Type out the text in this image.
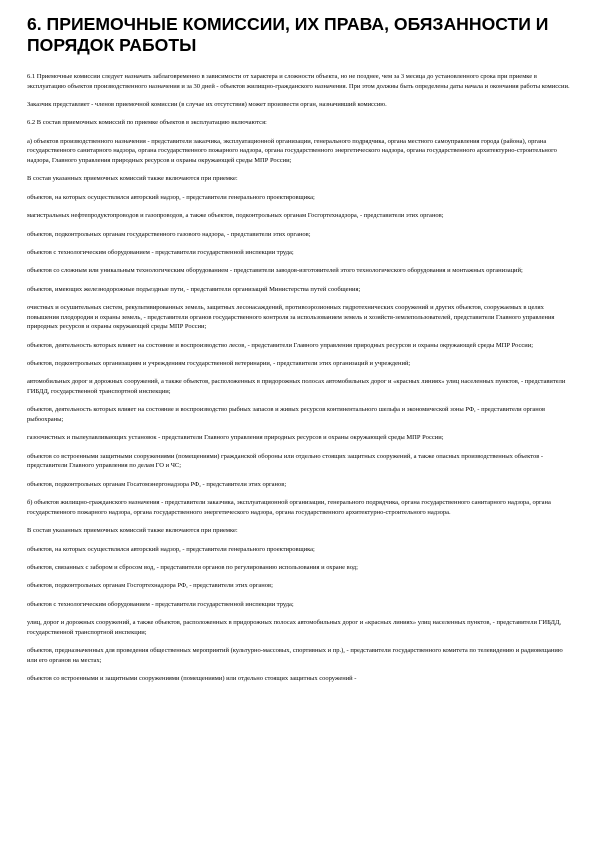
6. ПРИЕМОЧНЫЕ КОМИССИИ, ИХ ПРАВА, ОБЯЗАННОСТИ И ПОРЯДОК РАБОТЫ

6.1 Приемочные комиссии следует назначать заблаговременно в зависимости от характера и сложности объекта, но не позднее, чем за 3 месяца до установленного срока при приемке в эксплуатацию объектов производственного назначения и за 30 дней - объектов жилищно-гражданского назначения. При этом должны быть определены даты начала и окончания работы комиссии.

Заказчик представляет - членов приемочной комиссии (в случае их отсутствия) может произвести орган, назначивший комиссию.

6.2 В состав приемочных комиссий по приемке объектов в эксплуатацию включаются:

а) объектов производственного назначения - представители заказчика, эксплуатационной организации, генерального подрядчика, органа местного самоуправления города (района), органа государственного санитарного надзора, органа государственного пожарного надзора, органа государственного энергетического надзора, органа государственного архитектурно-строительного надзора, Главного управления природных ресурсов и охраны окружающей среды МПР России;

В состав указанных приемочных комиссий также включаются при приемке:

объектов, на которых осуществлялся авторский надзор, - представители генерального проектировщика;

магистральных нефтепродуктопроводов и газопроводов, а также объектов, подконтрольных органам Госгортехнадзора, - представители этих органов;

объектов, подконтрольных органам государственного газового надзора, - представители этих органов;

объектов с технологическим оборудованием - представители государственной инспекции труда;

объектов со сложным или уникальным технологическим оборудованием - представители заводов-изготовителей этого технологического оборудования и монтажных организаций;

объектов, имеющих железнодорожные подъездные пути, - представители организаций Министерства путей сообщения;

очистных и осушительных систем, рекультивированных земель, защитных лесонасаждений, противоэрозионных гидротехнических сооружений и других объектов, сооружаемых в целях повышения плодородия и охраны земель, - представители органов государственного контроля за использованием земель и хозяйств-землепользователей, представители Главного управления природных ресурсов и охраны окружающей среды МПР России;

объектов, деятельность которых влияет на состояние и воспроизводство лесов, - представители Главного управления природных ресурсов и охраны окружающей среды МПР России;

объектов, подконтрольных организациям и учреждениям государственной ветеринарии, - представители этих организаций и учреждений;

автомобильных дорог и дорожных сооружений, а также объектов, расположенных в придорожных полосах автомобильных дорог и «красных линиях» улиц населенных пунктов, - представители ГИБДД, государственной транспортной инспекции;

объектов, деятельность которых влияет на состояние и воспроизводство рыбных запасов и живых ресурсов континентального шельфа и экономической зоны РФ, - представители органов рыбоохраны;

газоочистных и пылеулавливающих установок - представители Главного управления природных ресурсов и охраны окружающей среды МПР России;

объектов со встроенными защитными сооружениями (помещениями) гражданской обороны или отдельно стоящих защитных сооружений, а также опасных производственных объектов - представители Главного управления по делам ГО и ЧС;

объектов, подконтрольных органам Госатомэнергонадзора РФ, - представители этих органов;

б) объектов жилищно-гражданского назначения - представители заказчика, эксплуатационной организации, генерального подрядчика, органа государственного санитарного надзора, органа государственного пожарного надзора, органа государственного энергетического надзора, органа государственного архитектурно-строительного надзора.

В состав указанных приемочных комиссий также включаются при приемке:

объектов, на которых осуществлялся авторский надзор, - представители генерального проектировщика;

объектов, связанных с забором и сбросом вод, - представители органов по регулированию использования и охране вод;

объектов, подконтрольных органам Госгортехнадзора РФ, - представители этих органов;

объектов с технологическим оборудованием - представители государственной инспекции труда;

улиц, дорог и дорожных сооружений, а также объектов, расположенных в придорожных полосах автомобильных дорог и «красных линиях» улиц населенных пунктов, - представители ГИБДД, государственной транспортной инспекции;

объектов, предназначенных для проведения общественных мероприятий (культурно-массовых, спортивных и пр.), - представители государственного комитета по телевидению и радиовещанию или его органов на местах;

объектов со встроенными и защитными сооружениями (помещениями) или отдельно стоящих защитных сооружений -
